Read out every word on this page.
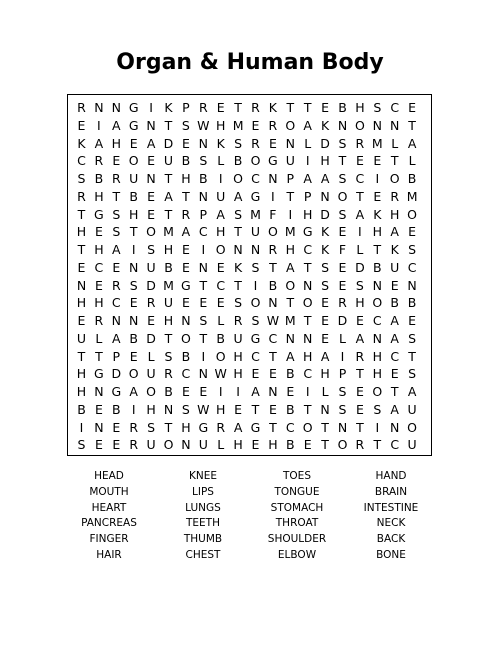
Organ & Human Body
R N N G I K P R E T R K T T E B H S C E
E I A G N T S W H M E R O A K N O N N T
K A H E A D E N K S R E N L D S R M L A
C R E O E U B S L B O G U I H T E E T L
S B R U N T H B I O C N P A A S C I O B
R H T B E A T N U A G I T P N O T E R M
T G S H E T R P A S M F I H D S A K H O
H E S T O M A C H T U O M G K E I H A E
T H A I S H E I O N N R H C K F L T K S
E C E N U B E N E K S T A T S E D B U C
N E R S D M G T C T I B O N S E S N E N
H H C E R U E E E S O N T O E R H O B B
E R N N E H N S L R S W M T E D E C A E
U L A B D T O T B U G C N N E L A N A S
T T P E L S B I O H C T A H A I R H C T
H G D O U R C N W H E E B C H P T H E S
H N G A O B E E I	I A N E I L S E O T A
B E B I H N S W H E T E B T N S E S A U
I N E R S T H G R A G T C O T N T I N O
S E E R U O N U L H E H B E T O R T C U
HEAD	KNEE	TOES	HAND
MOUTH	LIPS	TONGUE	BRAIN
HEART	LUNGS	STOMACH	INTESTINE
PANCREAS	TEETH	THROAT	NECK
FINGER	THUMB	SHOULDER	BACK
HAIR	CHEST	ELBOW	BONE
